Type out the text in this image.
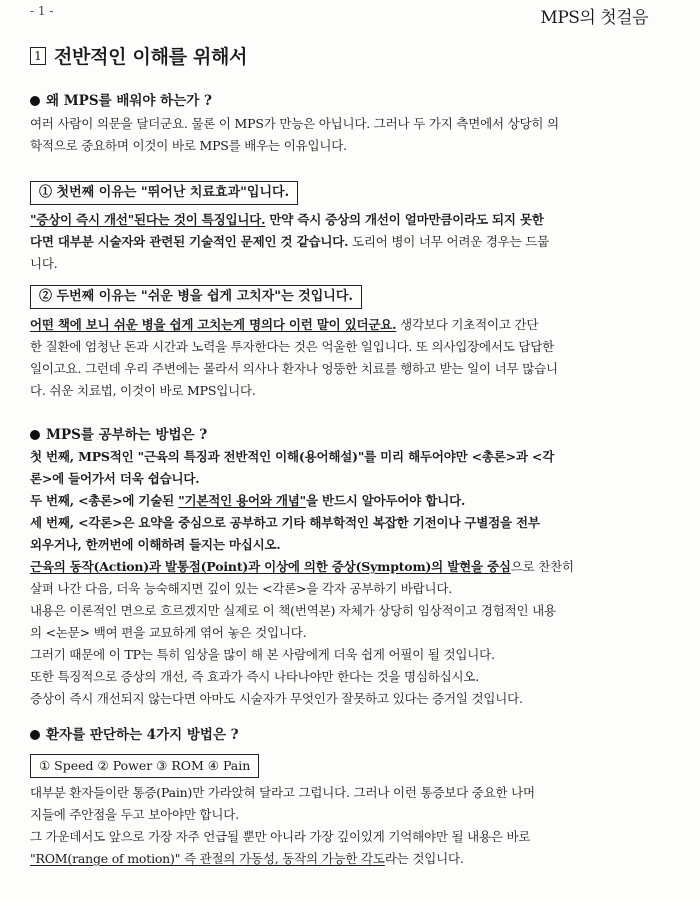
- 1 -	MPS의 첫걸음
1 전반적인 이해를 위해서
왜 MPS를 배워야 하는가 ?

여러 사람이 의문을 달더군요. 물론 이 MPS가 만능은 아닙니다. 그러나 두 가지 측면에서 상당히 의
학적으로 중요하며 이것이 바로 MPS를 배우는 이유입니다.

① 첫번째 이유는 "뛰어난 치료효과"입니다.

"증상이 즉시 개선"된다는 것이 특징입니다. 만약 즉시 증상의 개선이 얼마만큼이라도 되지 못한
다면 대부분 시술자와 관련된 기술적인 문제인 것 같습니다. 도리어 병이 너무 어려운 경우는 드뭅
니다.

② 두번째 이유는 "쉬운 병을 쉽게 고치자"는 것입니다.

어떤 책에 보니 쉬운 병을 쉽게 고치는게 명의다 이런 말이 있더군요. 생각보다 기초적이고 간단
한 질환에 엄청난 돈과 시간과 노력을 투자한다는 것은 억울한 일입니다. 또 의사입장에서도 답답한
일이고요. 그런데 우리 주변에는 몰라서 의사나 환자나 엉뚱한 치료를 행하고 받는 일이 너무 많습니
다. 쉬운 치료법, 이것이 바로 MPS입니다.

MPS를 공부하는 방법은 ?

첫 번째, MPS적인 "근육의 특징과 전반적인 이해(용어해설)"를 미리 해두어야만 <총론>과 <각
론>에 들어가서 더욱 쉽습니다.
두 번째, <총론>에 기술된 "기본적인 용어와 개념"을 반드시 알아두어야 합니다.
세 번째, <각론>은 요약을 중심으로 공부하고 기타 해부학적인 복잡한 기전이나 구별점을 전부
외우거나, 한꺼번에 이해하려 들지는 마십시오.
근육의 동작(Action)과 발통점(Point)과 이상에 의한 증상(Symptom)의 발현을 중심으로 찬찬히
살펴 나간 다음, 더욱 능숙해지면 깊이 있는 <각론>을 각자 공부하기 바랍니다.
내용은 이론적인 면으로 흐르겠지만 실제로 이 책(번역본) 자체가 상당히 임상적이고 경험적인 내용
의 <논문> 백여 편을 교묘하게 엮어 놓은 것입니다.
그러기 때문에 이 TP는 특히 임상을 많이 해 본 사람에게 더욱 쉽게 어필이 될 것입니다.
또한 특징적으로 증상의 개선, 즉 효과가 즉시 나타나야만 한다는 것을 명심하십시오.
증상이 즉시 개선되지 않는다면 아마도 시술자가 무엇인가 잘못하고 있다는 증거일 것입니다.

환자를 판단하는 4가지 방법은 ?
① Speed ② Power ③ ROM ④ Pain

대부분 환자들이란 통증(Pain)만 가라앉혀 달라고 그럽니다. 그러나 이런 통증보다 중요한 나머
지들에 주안점을 두고 보아야만 합니다.
그 가운데서도 앞으로 가장 자주 언급될 뿐만 아니라 가장 깊이있게 기억해야만 될 내용은 바로
"ROM(range of motion)" 즉 관절의 가동성, 동작의 가능한 각도라는 것입니다.
